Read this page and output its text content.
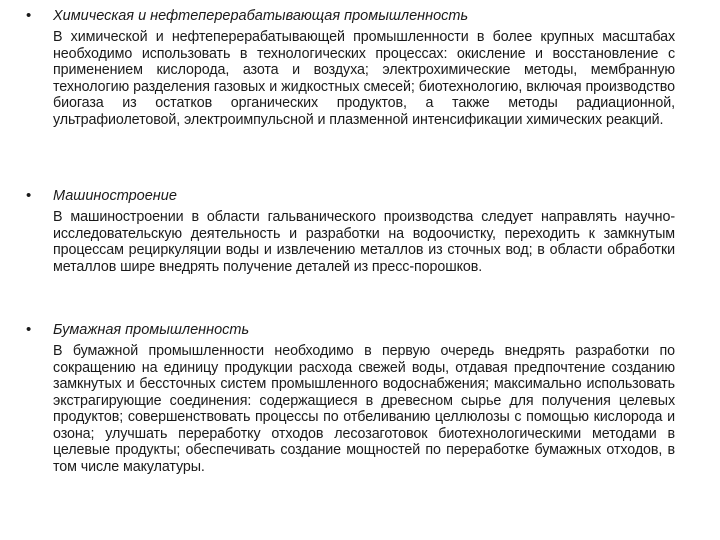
• Химическая и нефтеперерабатывающая промышленность
В химической и нефтеперерабатывающей промышленности в более крупных масштабах необходимо использовать в технологических процессах: окисление и восстановление с применением кислорода, азота и воздуха; электрохимические методы, мембранную технологию разделения газовых и жидкостных смесей; биотехнологию, включая производство биогаза из остатков органических продуктов, а также методы радиационной, ультрафиолетовой, электроимпульсной и плазменной интенсификации химических реакций.
• Машиностроение
В машиностроении в области гальванического производства следует направлять научно-исследовательскую деятельность и разработки на водоочистку, переходить к замкнутым процессам рециркуляции воды и извлечению металлов из сточных вод; в области обработки металлов шире внедрять получение деталей из пресс-порошков.
• Бумажная промышленность
В бумажной промышленности необходимо в первую очередь внедрять разработки по сокращению на единицу продукции расхода свежей воды, отдавая предпочтение созданию замкнутых и бессточных систем промышленного водоснабжения; максимально использовать экстрагирующие соединения: содержащиеся в древесном сырье для получения целевых продуктов; совершенствовать процессы по отбеливанию целлюлозы с помощью кислорода и озона; улучшать переработку отходов лесозаготовок биотехнологическими методами в целевые продукты; обеспечивать создание мощностей по переработке бумажных отходов, в том числе макулатуры.
